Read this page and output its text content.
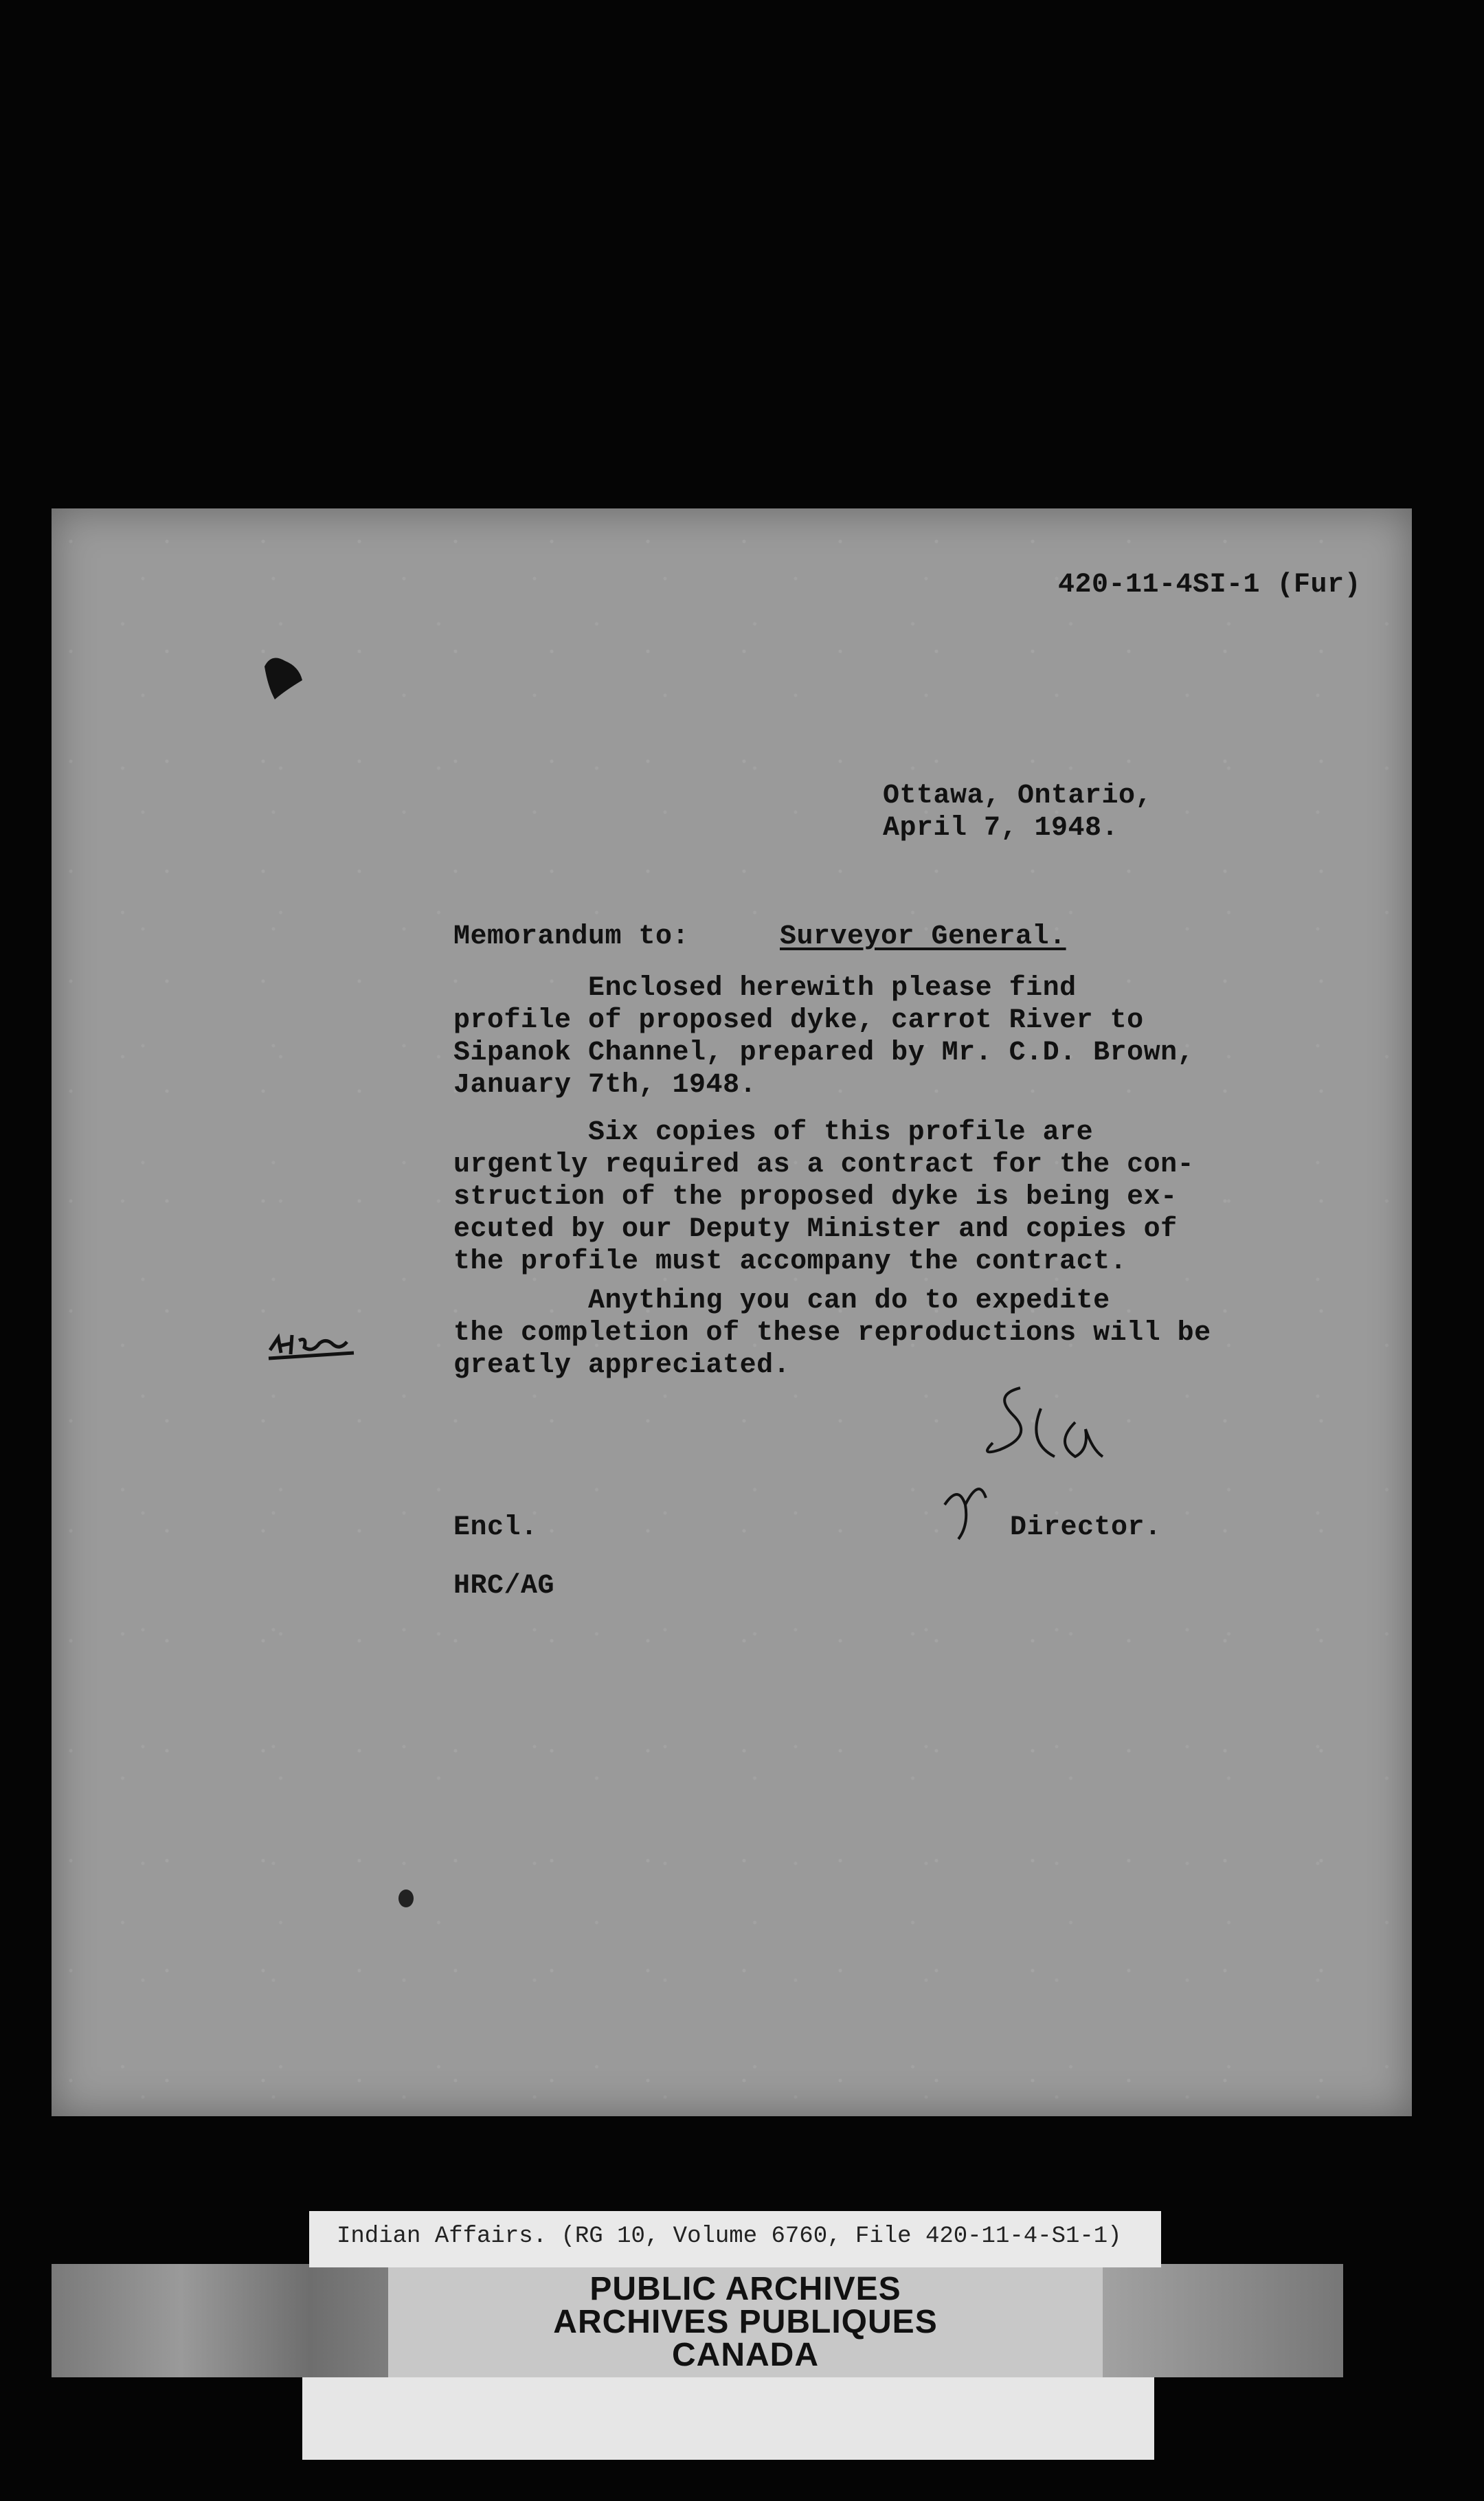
420-11-4SI-1 (Fur)
Ottawa, Ontario,
April 7, 1948.
Memorandum to:	Surveyor General.
Enclosed herewith please find
profile of proposed dyke, carrot River to
Sipanok Channel, prepared by Mr. C.D. Brown,
January 7th, 1948.
Six copies of this profile are
urgently required as a contract for the con-
struction of the proposed dyke is being ex-
ecuted by our Deputy Minister and copies of
the profile must accompany the contract.
Anything you can do to expedite
the completion of these reproductions will be
greatly appreciated.
Encl.
HRC/AG
Director.
Indian Affairs. (RG 10, Volume 6760, File 420-11-4-S1-1)
PUBLIC ARCHIVES
ARCHIVES PUBLIQUES
CANADA
